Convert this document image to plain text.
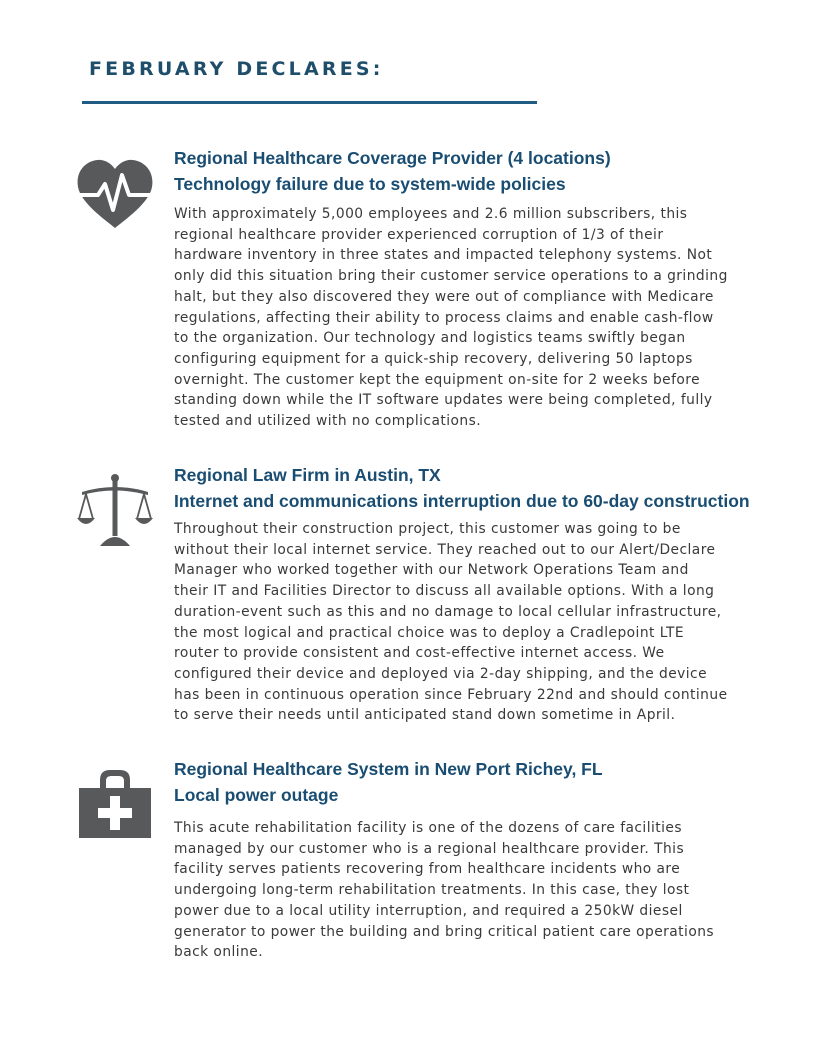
FEBRUARY DECLARES:
Regional Healthcare Coverage Provider (4 locations)
Technology failure due to system-wide policies

With approximately 5,000 employees and 2.6 million subscribers, this
regional healthcare provider experienced corruption of 1/3 of their
hardware inventory in three states and impacted telephony systems. Not
only did this situation bring their customer service operations to a grinding
halt, but they also discovered they were out of compliance with Medicare
regulations, affecting their ability to process claims and enable cash-flow
to the organization. Our technology and logistics teams swiftly began
configuring equipment for a quick-ship recovery, delivering 50 laptops
overnight. The customer kept the equipment on-site for 2 weeks before
standing down while the IT software updates were being completed, fully
tested and utilized with no complications.

Regional Law Firm in Austin, TX
Internet and communications interruption due to 60-day construction

Throughout their construction project, this customer was going to be
without their local internet service. They reached out to our Alert/Declare
Manager who worked together with our Network Operations Team and
their IT and Facilities Director to discuss all available options. With a long
duration-event such as this and no damage to local cellular infrastructure,
the most logical and practical choice was to deploy a Cradlepoint LTE
router to provide consistent and cost-effective internet access. We
configured their device and deployed via 2-day shipping, and the device
has been in continuous operation since February 22nd and should continue
to serve their needs until anticipated stand down sometime in April.

Regional Healthcare System in New Port Richey, FL
Local power outage

This acute rehabilitation facility is one of the dozens of care facilities
managed by our customer who is a regional healthcare provider. This
facility serves patients recovering from healthcare incidents who are
undergoing long-term rehabilitation treatments. In this case, they lost
power due to a local utility interruption, and required a 250kW diesel
generator to power the building and bring critical patient care operations
back online.
